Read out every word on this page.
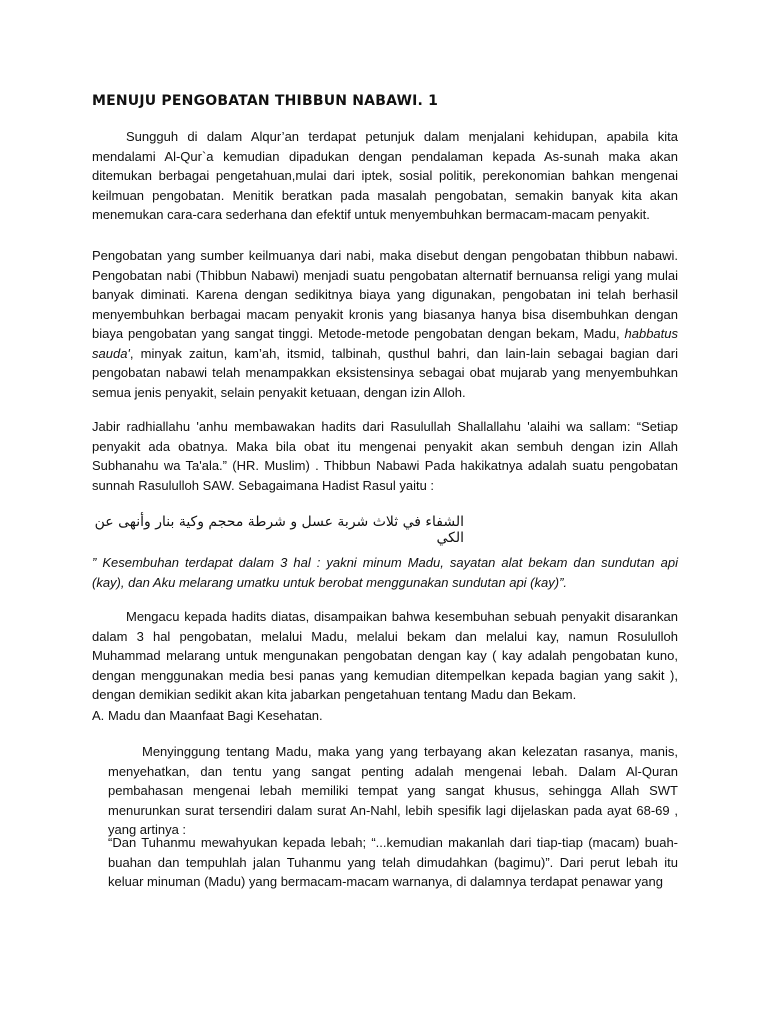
MENUJU PENGOBATAN THIBBUN NABAWI. 1

Sungguh di dalam Alqur’an terdapat petunjuk dalam menjalani kehidupan, apabila kita mendalami Al-Qur`a kemudian dipadukan dengan pendalaman kepada As-sunah maka akan ditemukan berbagai pengetahuan,mulai dari iptek, sosial politik, perekonomian bahkan mengenai keilmuan pengobatan. Menitik beratkan pada masalah pengobatan, semakin banyak kita akan menemukan cara-cara sederhana dan efektif untuk menyembuhkan bermacam-macam penyakit.

Pengobatan yang sumber keilmuanya dari nabi, maka disebut dengan pengobatan thibbun nabawi. Pengobatan nabi (Thibbun Nabawi) menjadi suatu pengobatan alternatif bernuansa religi yang mulai banyak diminati. Karena dengan sedikitnya biaya yang digunakan, pengobatan ini telah berhasil menyembuhkan berbagai macam penyakit kronis yang biasanya hanya bisa disembuhkan dengan biaya pengobatan yang sangat tinggi. Metode-metode pengobatan dengan bekam, Madu, habbatus sauda', minyak zaitun, kam’ah, itsmid, talbinah, qusthul bahri, dan lain-lain sebagai bagian dari pengobatan nabawi telah menampakkan eksistensinya sebagai obat mujarab yang menyembuhkan semua jenis penyakit, selain penyakit ketuaan, dengan izin Alloh.

Jabir radhiallahu 'anhu membawakan hadits dari Rasulullah Shallallahu 'alaihi wa sallam: “Setiap penyakit ada obatnya. Maka bila obat itu mengenai penyakit akan sembuh dengan izin Allah Subhanahu wa Ta'ala.” (HR. Muslim) . Thibbun Nabawi Pada hakikatnya adalah suatu pengobatan sunnah Rasululloh SAW. Sebagaimana Hadist Rasul yaitu :

الشفاء في ثلاث شربة عسل و شرطة محجم وكية بنار وأنهى عن الكي

” Kesembuhan terdapat dalam 3 hal : yakni minum Madu, sayatan alat bekam dan sundutan api (kay), dan Aku melarang umatku untuk berobat menggunakan sundutan api (kay)”.

Mengacu kepada hadits diatas, disampaikan bahwa kesembuhan sebuah penyakit disarankan dalam 3 hal pengobatan, melalui Madu, melalui bekam dan melalui kay, namun Rosululloh Muhammad melarang untuk mengunakan pengobatan dengan kay ( kay adalah pengobatan kuno, dengan menggunakan media besi panas yang kemudian ditempelkan kepada bagian yang sakit ), dengan demikian sedikit akan kita jabarkan pengetahuan tentang Madu dan Bekam.

A. Madu dan Maanfaat Bagi Kesehatan.

Menyinggung tentang Madu, maka yang yang terbayang akan kelezatan rasanya, manis, menyehatkan, dan tentu yang sangat penting adalah mengenai lebah. Dalam Al-Quran pembahasan mengenai lebah memiliki tempat yang sangat khusus, sehingga Allah SWT menurunkan surat tersendiri dalam surat An-Nahl, lebih spesifik lagi dijelaskan pada ayat 68-69 , yang artinya :

“Dan Tuhanmu mewahyukan kepada lebah; “...kemudian makanlah dari tiap-tiap (macam) buah-buahan dan tempuhlah jalan Tuhanmu yang telah dimudahkan (bagimu)”. Dari perut lebah itu keluar minuman (Madu) yang bermacam-macam warnanya, di dalamnya terdapat penawar yang
